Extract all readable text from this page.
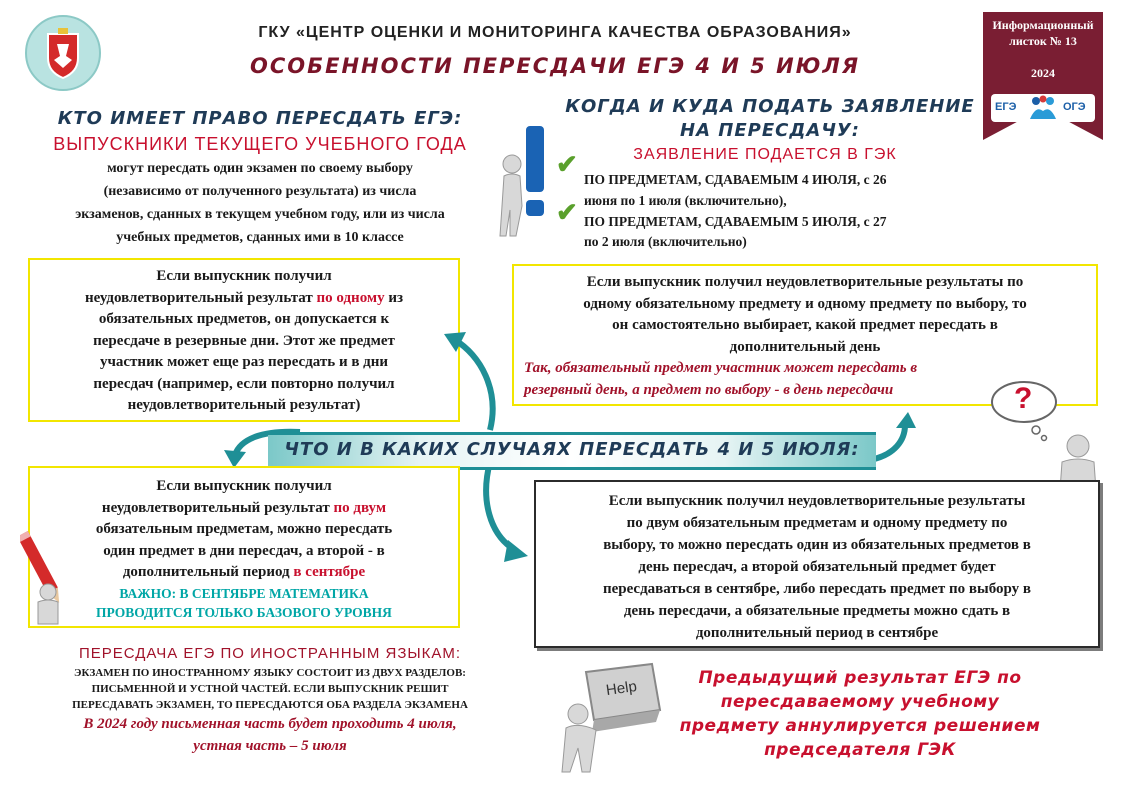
ГКУ «ЦЕНТР ОЦЕНКИ И МОНИТОРИНГА КАЧЕСТВА ОБРАЗОВАНИЯ»
ОСОБЕННОСТИ ПЕРЕСДАЧИ ЕГЭ 4 И 5 ИЮЛЯ
Информационный
листок № 13
2024
ЕГЭ	ОГЭ
КТО ИМЕЕТ ПРАВО ПЕРЕСДАТЬ ЕГЭ:
ВЫПУСКНИКИ ТЕКУЩЕГО УЧЕБНОГО ГОДА
могут пересдать один экзамен по своему выбору
(независимо от полученного результата) из числа
экзаменов, сданных в текущем учебном году, или из числа
учебных предметов, сданных ими в 10 классе
КОГДА И КУДА ПОДАТЬ ЗАЯВЛЕНИЕ
НА ПЕРЕСДАЧУ:
ЗАЯВЛЕНИЕ ПОДАЕТСЯ В ГЭК
✔
✔
ПО ПРЕДМЕТАМ, СДАВАЕМЫМ 4 ИЮЛЯ, с 26
июня по 1 июля (включительно),
ПО ПРЕДМЕТАМ, СДАВАЕМЫМ 5 ИЮЛЯ, с 27
по 2 июля (включительно)
Если выпускник получил
неудовлетворительный результат по одному из
обязательных предметов, он допускается к
пересдаче в резервные дни. Этот же предмет
участник может еще раз пересдать и в дни
пересдач (например, если повторно получил
неудовлетворительный результат)
Если выпускник получил неудовлетворительные результаты по
одному обязательному предмету и одному предмету по выбору, то
он самостоятельно выбирает, какой предмет пересдать в
дополнительный день
Так, обязательный предмет участник может пересдать в
резервный день, а предмет по выбору - в день пересдачи	?
ЧТО И В КАКИХ СЛУЧАЯХ ПЕРЕСДАТЬ 4 И 5 ИЮЛЯ:
Если выпускник получил
неудовлетворительный результат по двум
обязательным предметам, можно пересдать
один предмет в дни пересдач, а второй - в
дополнительный период в сентябре
ВАЖНО: В СЕНТЯБРЕ МАТЕМАТИКА
ПРОВОДИТСЯ ТОЛЬКО БАЗОВОГО УРОВНЯ
Если выпускник получил неудовлетворительные результаты
по двум обязательным предметам и одному предмету по
выбору, то можно пересдать один из обязательных предметов в
день пересдач, а второй обязательный предмет будет
пересдаваться в сентябре, либо пересдать предмет по выбору в
день пересдачи, а обязательные предметы можно сдать в
дополнительный период в сентябре
ПЕРЕСДАЧА ЕГЭ ПО ИНОСТРАННЫМ ЯЗЫКАМ:
ЭКЗАМЕН ПО ИНОСТРАННОМУ ЯЗЫКУ СОСТОИТ ИЗ ДВУХ РАЗДЕЛОВ:
ПИСЬМЕННОЙ И УСТНОЙ ЧАСТЕЙ. ЕСЛИ ВЫПУСКНИК РЕШИТ
ПЕРЕСДАВАТЬ ЭКЗАМЕН, ТО ПЕРЕСДАЮТСЯ ОБА РАЗДЕЛА ЭКЗАМЕНА
В 2024 году письменная часть будет проходить 4 июля,
устная часть – 5 июля
Help	Предыдущий результат ЕГЭ по
пересдаваемому учебному
предмету аннулируется решением
председателя ГЭК
